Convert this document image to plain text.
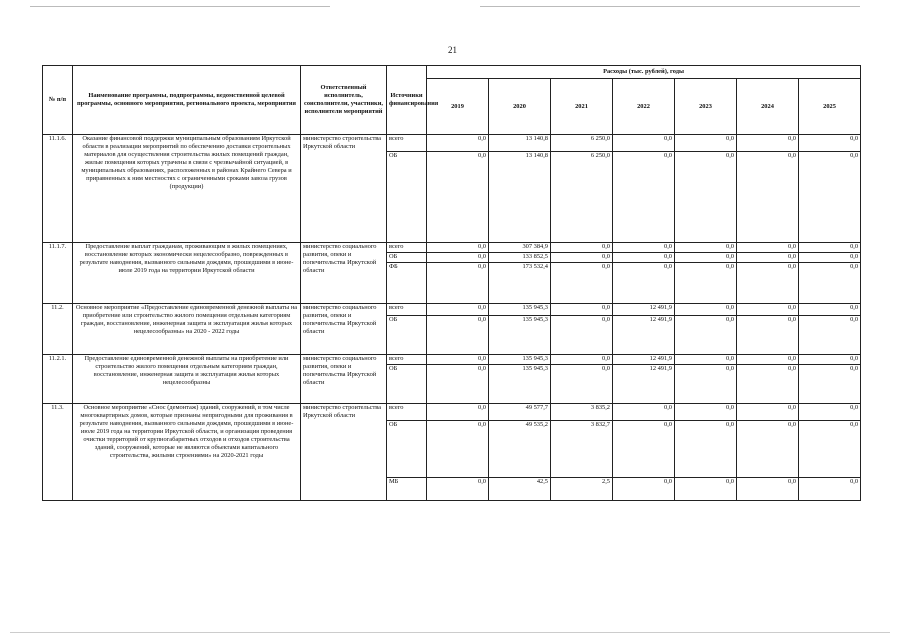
21
№ п/п	Наименование программы, подпрограммы, ведомственной целевой программы, основного мероприятия, регионального проекта, мероприятия	Ответственный исполнитель, соисполнители, участники, исполнители мероприятий	Источники финансирования	Расходы (тыс. рублей), годы						
				2019	2020	2021	2022	2023	2024	2025
11.1.6.	Оказание финансовой поддержки муниципальным образованиям Иркутской области в реализации мероприятий по обеспечению доставки строительных материалов для осуществления строительства жилых помещений граждан, жилые помещения которых утрачены в связи с чрезвычайной ситуацией, в муниципальных образованиях, расположенных в районах Крайнего Севера и приравненных к ним местностях с ограниченными сроками завоза грузов (продукции)	министерство строительства Иркутской области	всего	0,0	13 140,8	6 250,0	0,0	0,0	0,0	0,0
			ОБ	0,0	13 140,8	6 250,0	0,0	0,0	0,0	0,0
11.1.7.	Предоставление выплат гражданам, проживающим в жилых помещениях, восстановление которых экономически нецелесообразно, поврежденных в результате наводнения, вызванного сильными дождями, прошедшими в июне-июле 2019 года на территории Иркутской области	министерство социального развития, опеки и попечительства Иркутской области	всего	0,0	307 384,9	0,0	0,0	0,0	0,0	0,0
			ОБ	0,0	133 852,5	0,0	0,0	0,0	0,0	0,0
			ФБ	0,0	173 532,4	0,0	0,0	0,0	0,0	0,0
11.2.	Основное мероприятие «Предоставление единовременной денежной выплаты на приобретение или строительство жилого помещения отдельным категориям граждан, восстановление, инженерная защита и эксплуатация жилья которых нецелесообразны» на 2020 - 2022 годы	министерство социального развития, опеки и попечительства Иркутской области	всего	0,0	135 945,3	0,0	12 491,9	0,0	0,0	0,0
			ОБ	0,0	135 945,3	0,0	12 491,9	0,0	0,0	0,0
11.2.1.	Предоставление единовременной денежной выплаты на приобретение или строительство жилого помещения отдельным категориям граждан, восстановление, инженерная защита и эксплуатация жилья которых нецелесообразны	министерство социального развития, опеки и попечительства Иркутской области	всего	0,0	135 945,3	0,0	12 491,9	0,0	0,0	0,0
			ОБ	0,0	135 945,3	0,0	12 491,9	0,0	0,0	0,0
11.3.	Основное мероприятие «Снос (демонтаж) зданий, сооружений, в том числе многоквартирных домов, которые признаны непригодными для проживания в результате наводнения, вызванного сильными дождями, прошедшими в июне-июле 2019 года на территории Иркутской области, и организация проведения очистки территорий от крупногабаритных отходов и отходов строительства зданий, сооружений, которые не являются объектами капитального строительства, жилыми строениями» на 2020-2021 годы	министерство строительства Иркутской области	всего	0,0	49 577,7	3 835,2	0,0	0,0	0,0	0,0
			ОБ	0,0	49 535,2	3 832,7	0,0	0,0	0,0	0,0
			МБ	0,0	42,5	2,5	0,0	0,0	0,0	0,0
